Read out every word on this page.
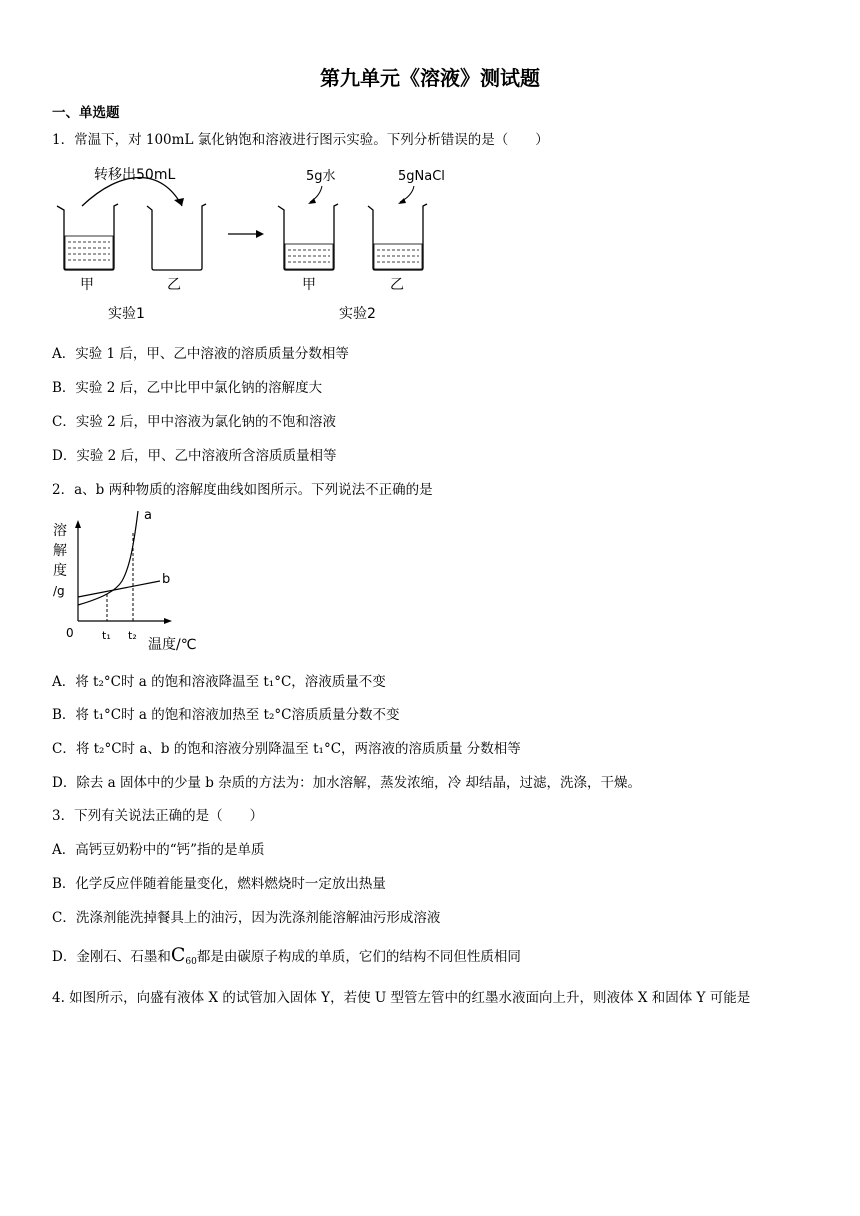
第九单元《溶液》测试题
一、单选题
1．常温下，对 100mL 氯化钠饱和溶液进行图示实验。下列分析错误的是（　　）
转移出50mL
甲	乙
实验1
5g水
甲
5gNaCl
乙
实验2
A．实验 1 后，甲、乙中溶液的溶质质量分数相等
B．实验 2 后，乙中比甲中氯化钠的溶解度大
C．实验 2 后，甲中溶液为氯化钠的不饱和溶液
D．实验 2 后，甲、乙中溶液所含溶质质量相等
2．a、b 两种物质的溶解度曲线如图所示。下列说法不正确的是
溶
解
度
/g
0
b
a
t₁ t₂
温度/℃
A．将 t₂°C时 a 的饱和溶液降温至 t₁°C，溶液质量不变
B．将 t₁°C时 a 的饱和溶液加热至 t₂°C溶质质量分数不变
C．将 t₂°C时 a、b 的饱和溶液分别降温至 t₁°C，两溶液的溶质质量 分数相等
D．除去 a 固体中的少量 b 杂质的方法为：加水溶解，蒸发浓缩，冷 却结晶，过滤，洗涤，干燥。
3．下列有关说法正确的是（　　）
A．高钙豆奶粉中的“钙”指的是单质
B．化学反应伴随着能量变化，燃料燃烧时一定放出热量
C．洗涤剂能洗掉餐具上的油污，因为洗涤剂能溶解油污形成溶液
D．金刚石、石墨和$C_{60}$都是由碳原子构成的单质，它们的结构不同但性质相同
4. 如图所示，向盛有液体 X 的试管加入固体 Y，若使 U 型管左管中的红墨水液面向上升，则液体 X 和固体 Y 可能是
